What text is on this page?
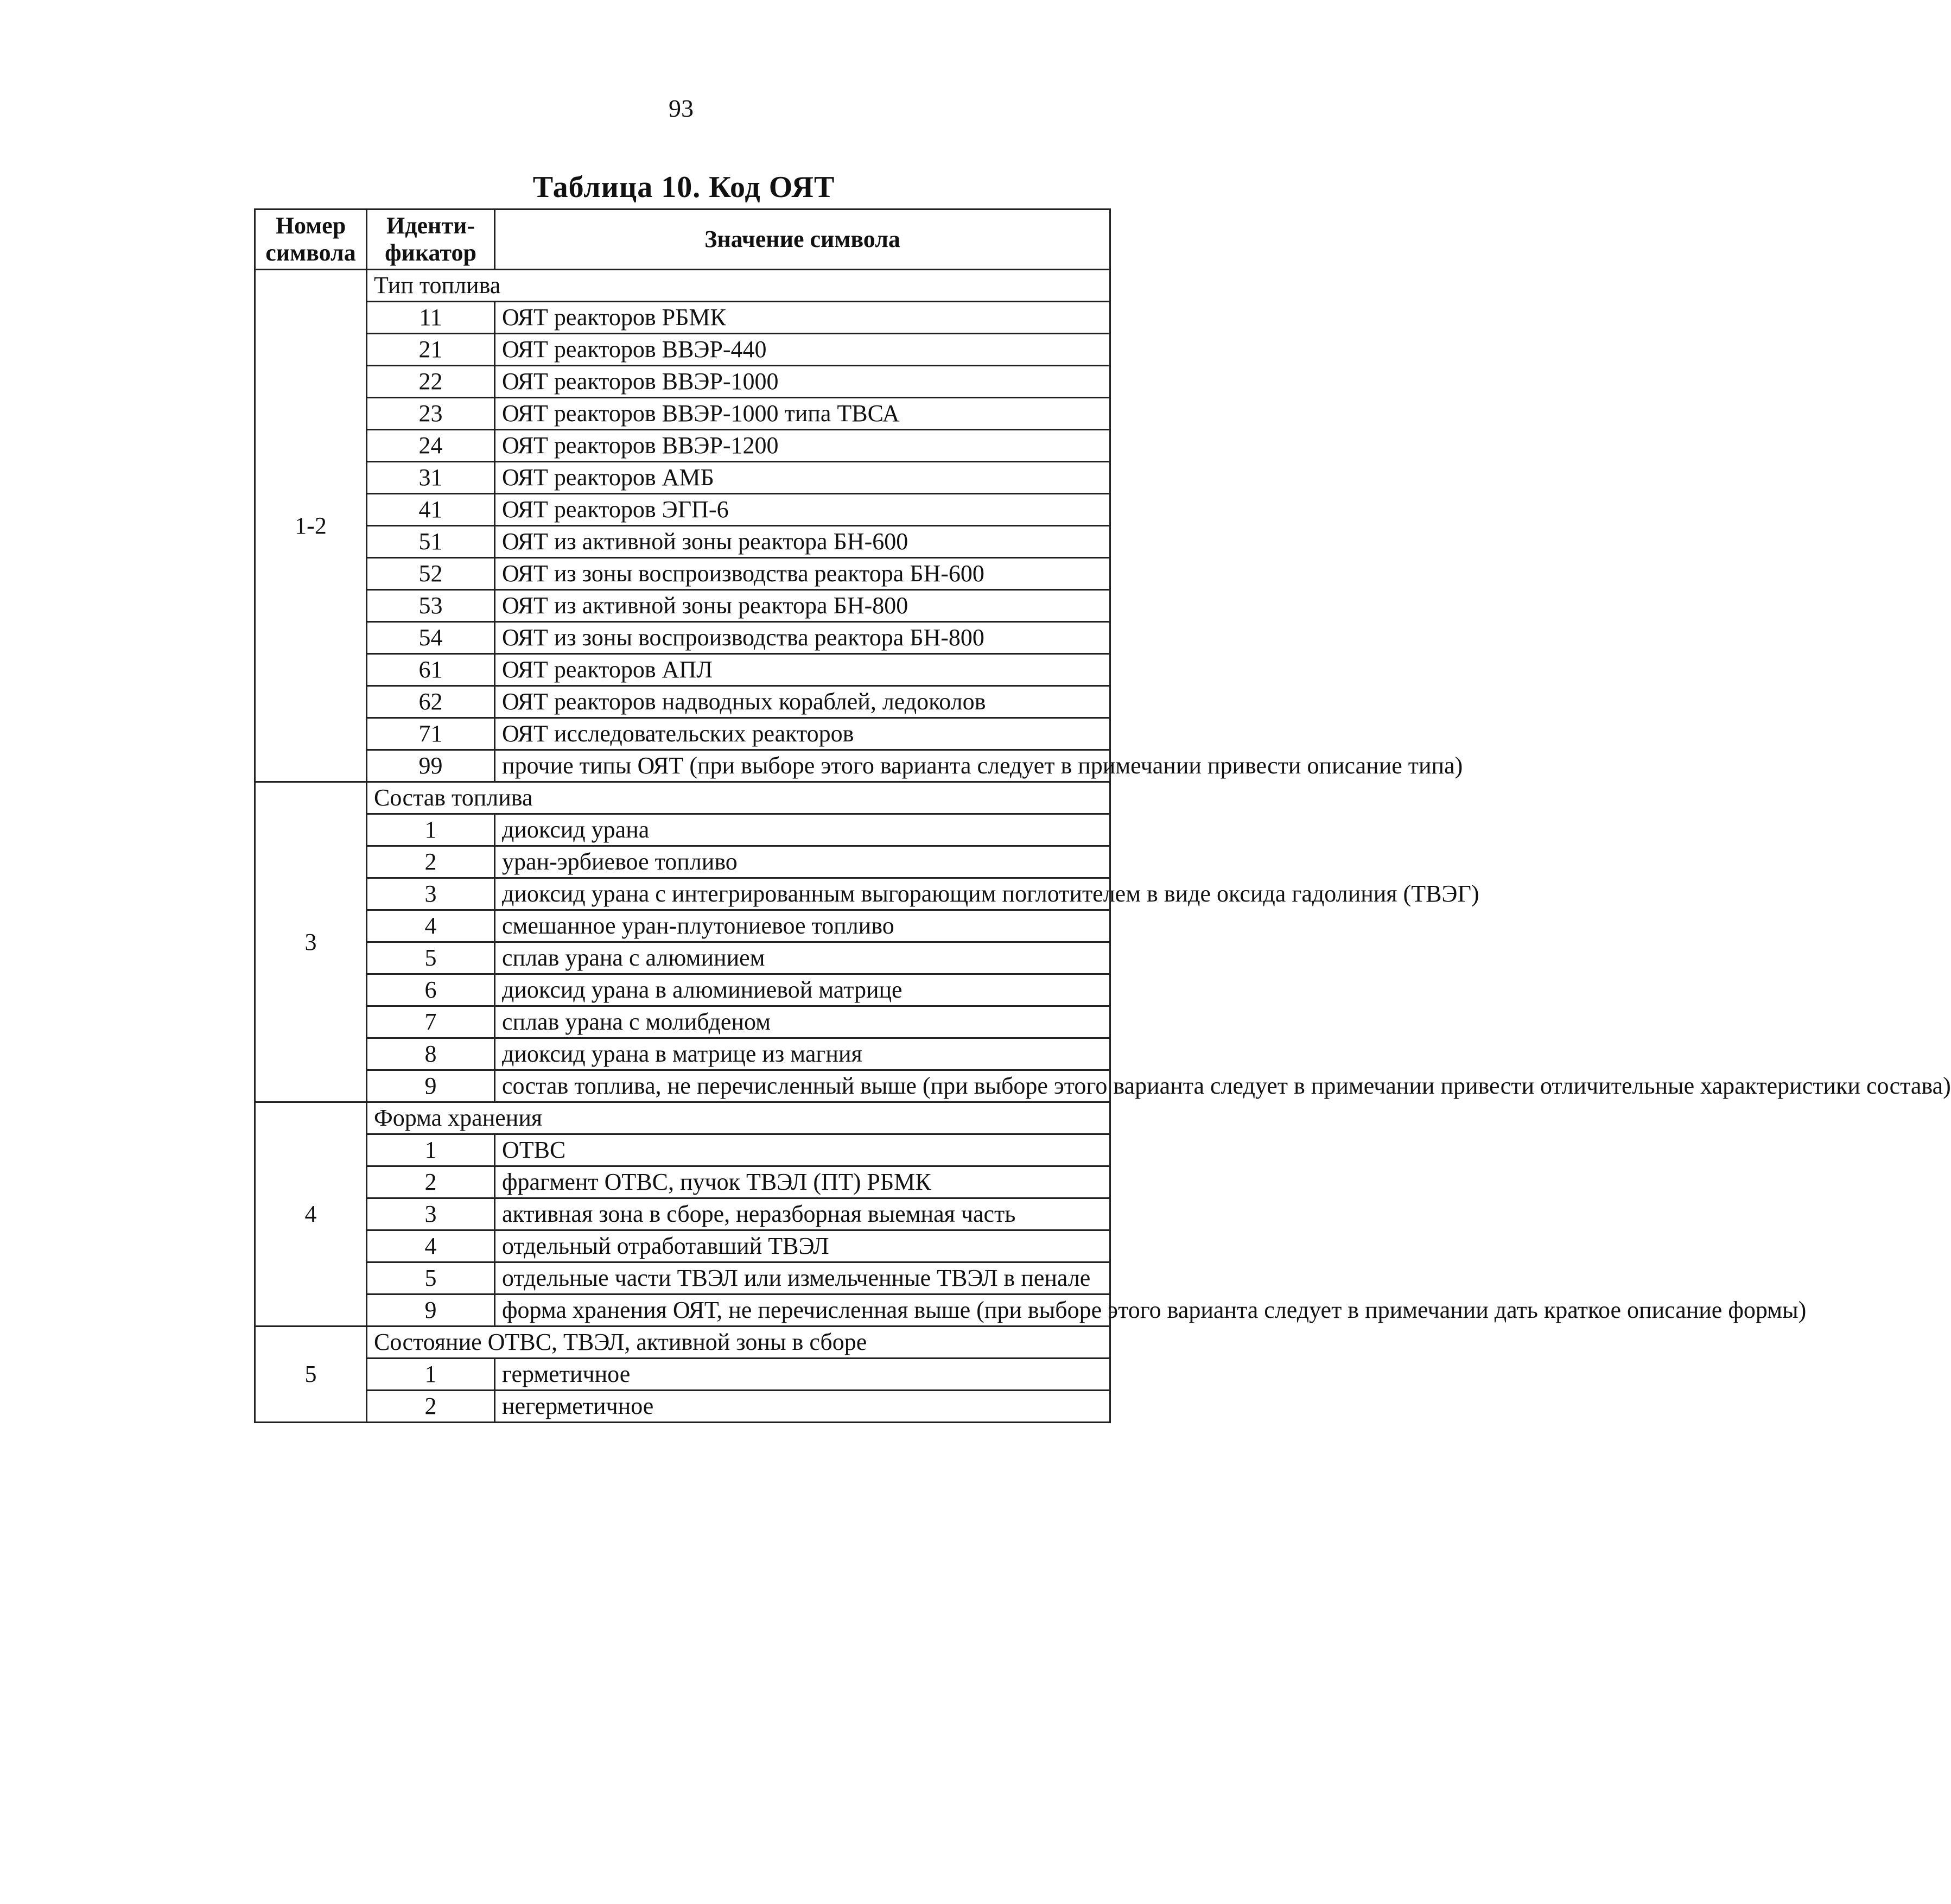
93
Таблица 10. Код ОЯТ
Номер символа	Иденти- фикатор	Значение символа
1-2	Тип топлива	
	11	ОЯТ реакторов РБМК
	21	ОЯТ реакторов ВВЭР-440
	22	ОЯТ реакторов ВВЭР-1000
	23	ОЯТ реакторов ВВЭР-1000 типа ТВСА
	24	ОЯТ реакторов ВВЭР-1200
	31	ОЯТ реакторов АМБ
	41	ОЯТ реакторов ЭГП-6
	51	ОЯТ из активной зоны реактора БН-600
	52	ОЯТ из зоны воспроизводства реактора БН-600
	53	ОЯТ из активной зоны реактора БН-800
	54	ОЯТ из зоны воспроизводства реактора БН-800
	61	ОЯТ реакторов АПЛ
	62	ОЯТ реакторов надводных кораблей, ледоколов
	71	ОЯТ исследовательских реакторов
	99	прочие типы ОЯТ (при выборе этого варианта следует в примечании привести описание типа)
3	Состав топлива	
	1	диоксид урана
	2	уран-эрбиевое топливо
	3	диоксид урана с интегрированным выгорающим поглотителем в виде оксида гадолиния (ТВЭГ)
	4	смешанное уран-плутониевое топливо
	5	сплав урана с алюминием
	6	диоксид урана в алюминиевой матрице
	7	сплав урана с молибденом
	8	диоксид урана в матрице из магния
	9	состав топлива, не перечисленный выше (при выборе этого варианта следует в примечании привести отличительные характеристики состава)
4	Форма хранения	
	1	ОТВС
	2	фрагмент ОТВС, пучок ТВЭЛ (ПТ) РБМК
	3	активная зона в сборе, неразборная выемная часть
	4	отдельный отработавший ТВЭЛ
	5	отдельные части ТВЭЛ или измельченные ТВЭЛ в пенале
	9	форма хранения ОЯТ, не перечисленная выше (при выборе этого варианта следует в примечании дать краткое описание формы)
5	Состояние ОТВС, ТВЭЛ, активной зоны в сборе	
	1	герметичное
	2	негерметичное
